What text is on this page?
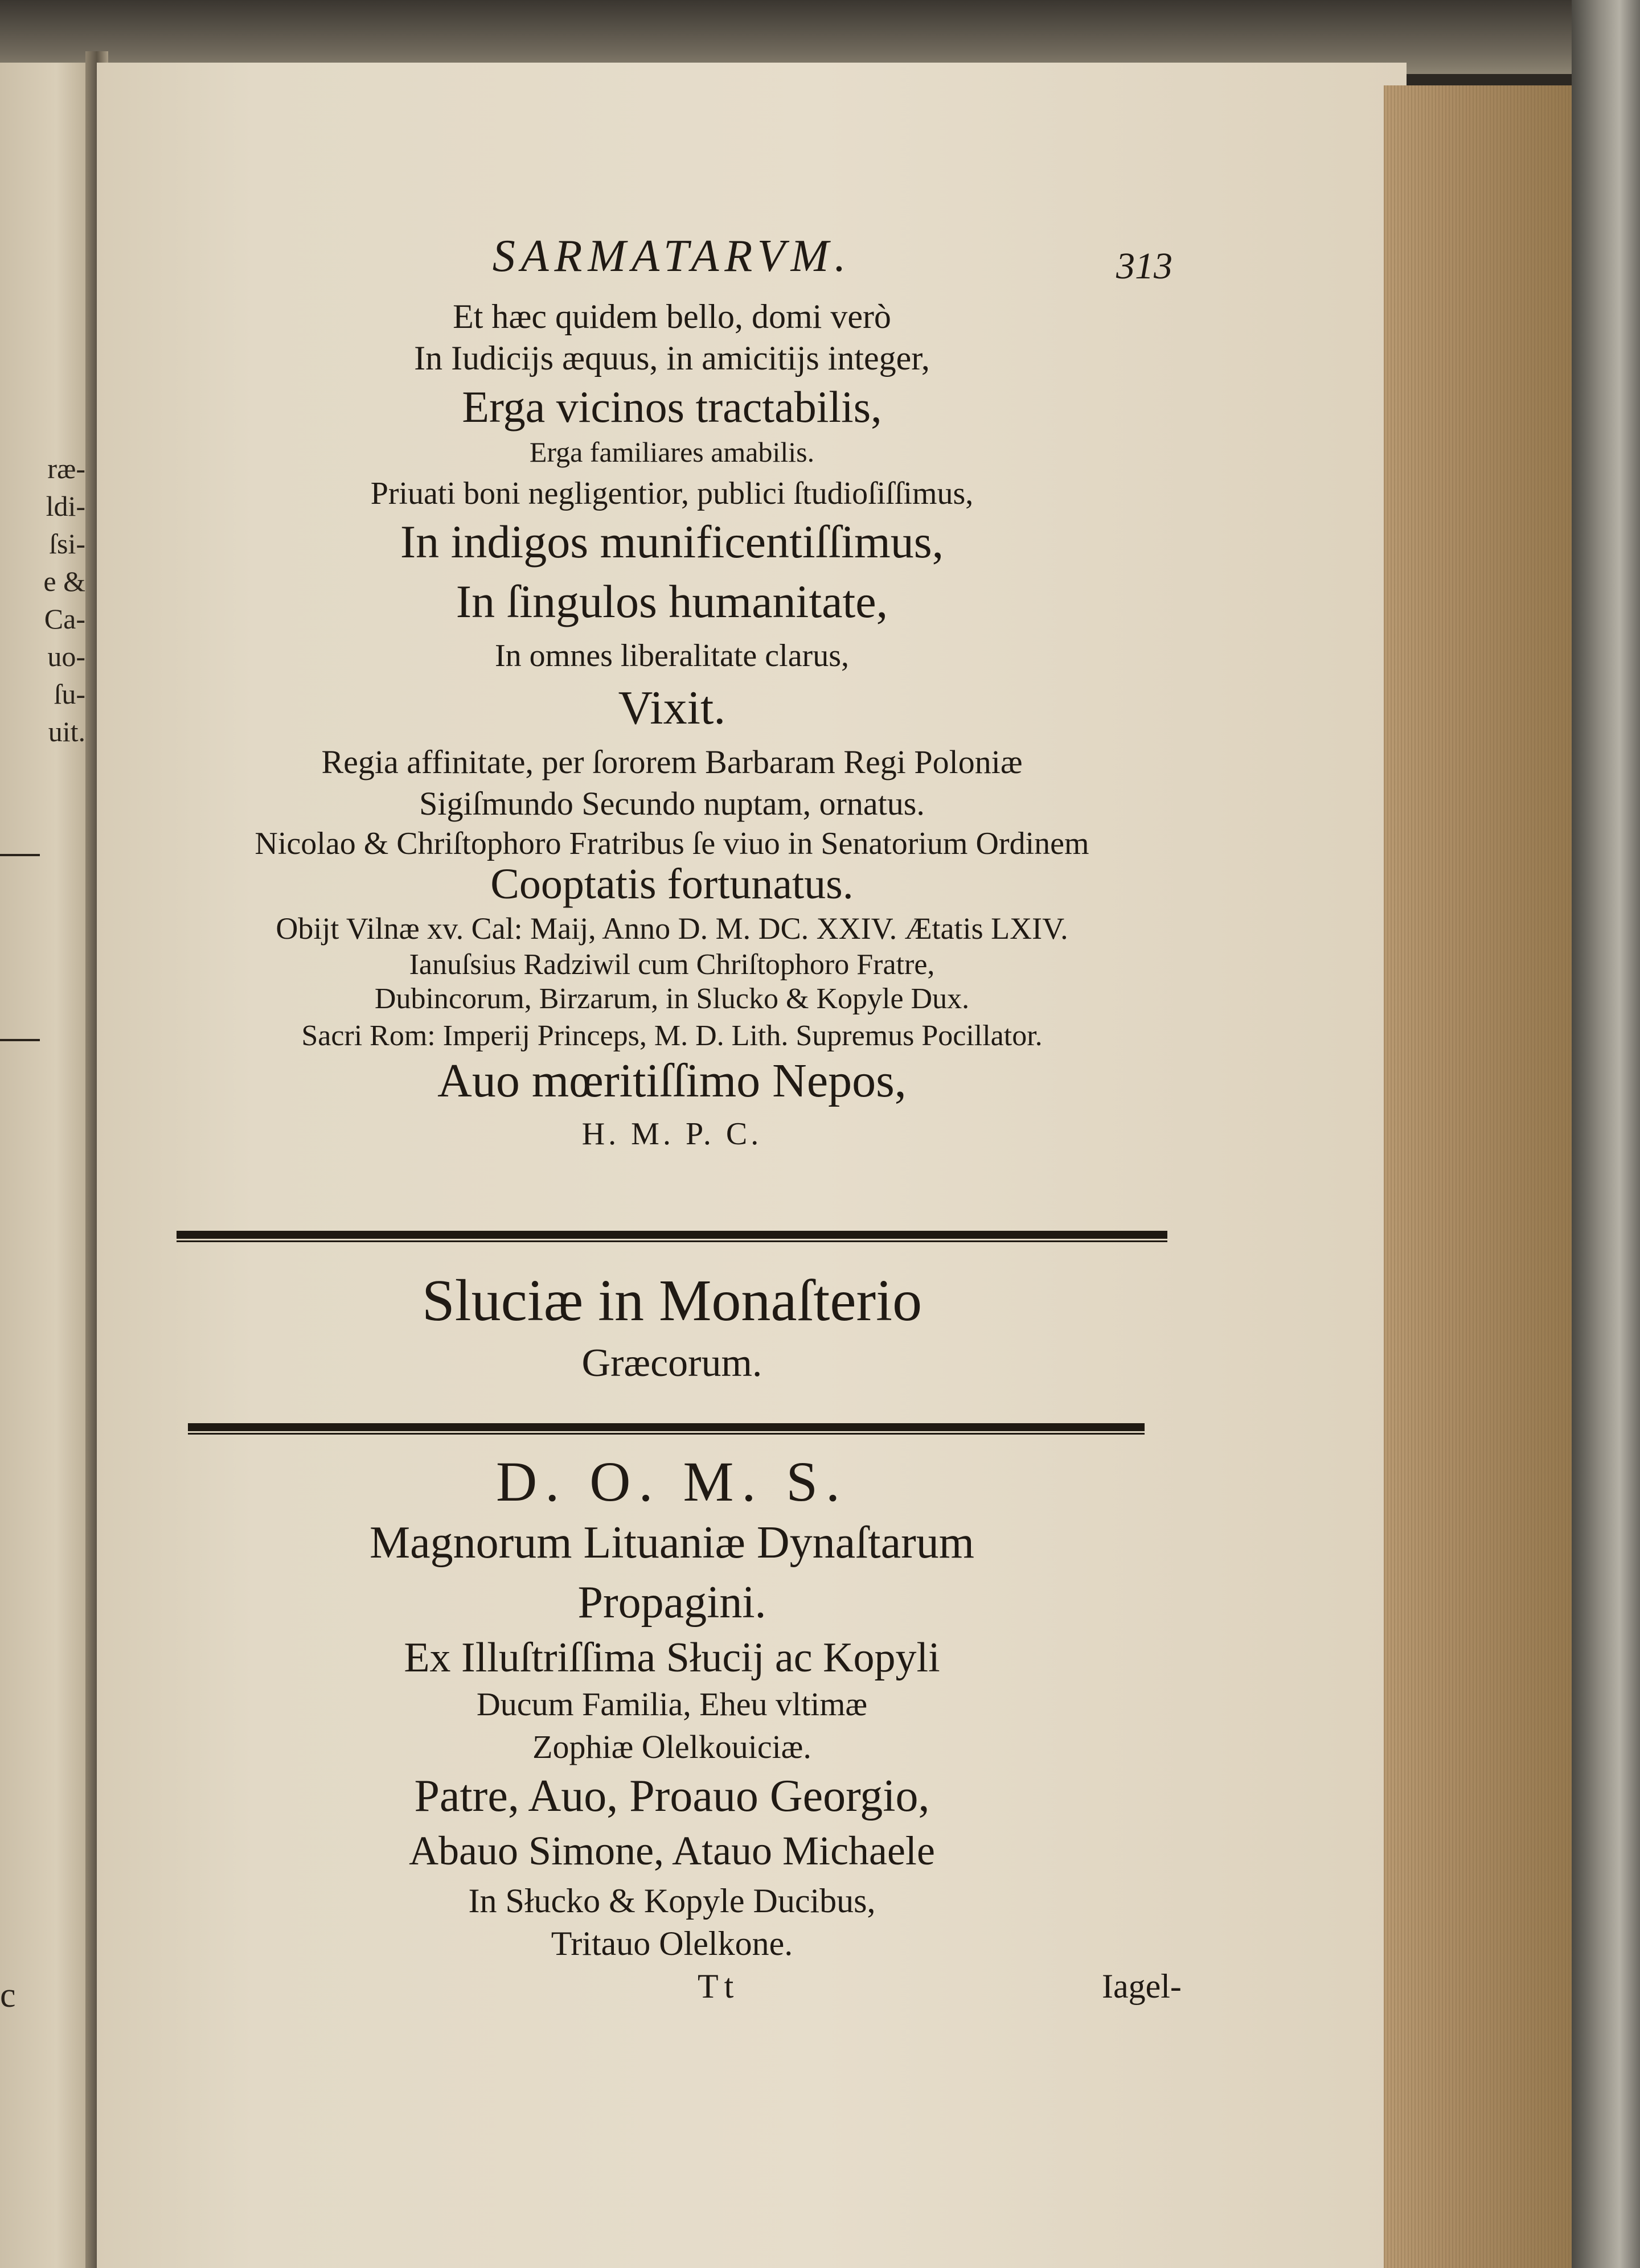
ræ-
ldi-
ſsi-
e &
Ca-
uo-
ſu-
uit.
c
SARMATARVM.	313
Et hæc quidem bello, domi verò
In Iudicijs æquus, in amicitijs integer,
Erga vicinos tractabilis,
Erga familiares amabilis.
Priuati boni negligentior, publici ſtudioſiſſimus,
In indigos munificentiſſimus,
In ſingulos humanitate,
In omnes liberalitate clarus,
Vixit.
Regia affinitate, per ſororem Barbaram Regi Poloniæ
Sigiſmundo Secundo nuptam, ornatus.
Nicolao & Chriſtophoro Fratribus ſe viuo in Senatorium Ordinem
Cooptatis fortunatus.
Obijt Vilnæ xv. Cal: Maij, Anno D. M. DC. XXIV. Ætatis LXIV.
Ianuſsius Radziwil cum Chriſtophoro Fratre,
Dubincorum, Birzarum, in Slucko & Kopyle Dux.
Sacri Rom: Imperij Princeps, M. D. Lith. Supremus Pocillator.
Auo mœritiſſimo Nepos,
H. M. P. C.
Sluciæ in Monaſterio
Græcorum.
D. O. M. S.
Magnorum Lituaniæ Dynaſtarum
Propagini.
Ex Illuſtriſſima Słucij ac Kopyli
Ducum Familia, Eheu vltimæ
Zophiæ Olelkouiciæ.
Patre, Auo, Proauo Georgio,
Abauo Simone, Atauo Michaele
In Słucko & Kopyle Ducibus,
Tritauo Olelkone.
Tt	Iagel-
